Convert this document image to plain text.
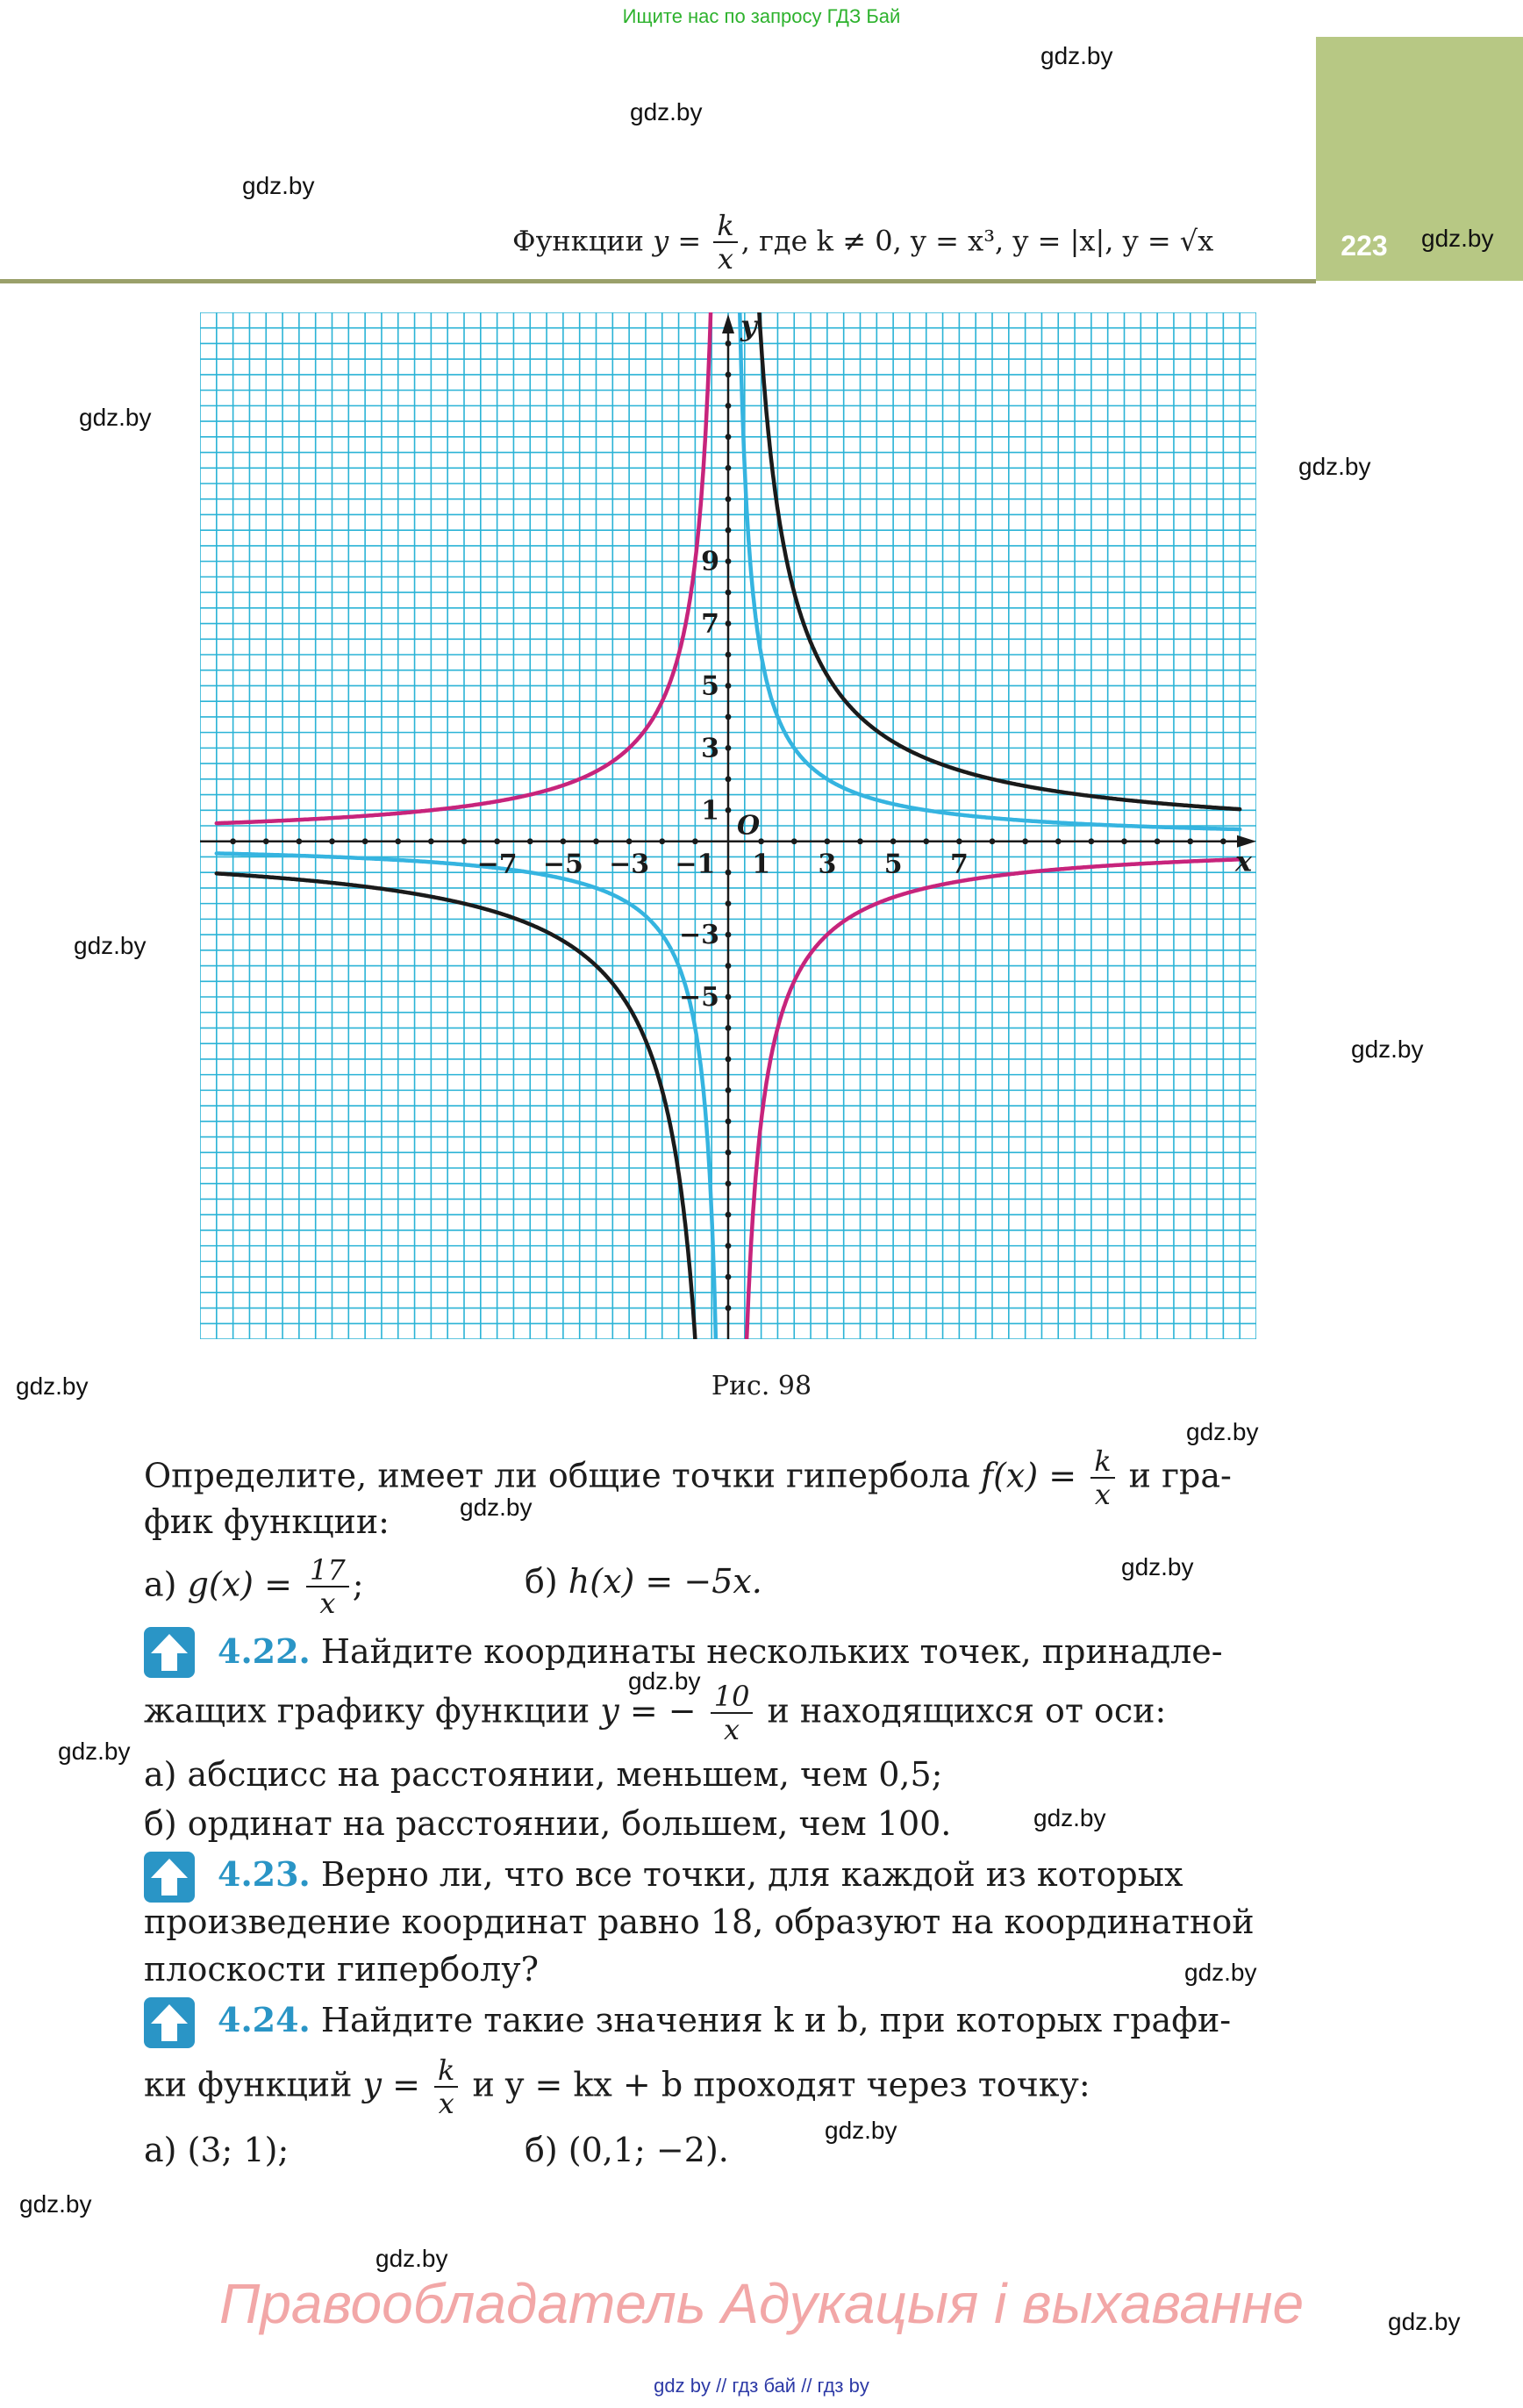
Ищите нас по запросу ГДЗ Бай
223
Функции $y = \frac{k}{x}$ , где k ≠ 0, y = x³, y = |x|, y = √x
gdz.by
gdz.by
gdz.by
gdz.by
gdz.by
gdz.by
gdz.by
gdz.by
gdz.by
gdz.by
gdz.by
gdz.by
gdz.by
gdz.by
gdz.by
gdz.by
gdz.by
gdz.by
gdz.by
gdz.by
−7 −5 −3 −1 1 3 5 7
9
7
5
3
1
−3
−5
O
x
y
Рис. 98
Определите, имеет ли общие точки гипербола $f(x) = \frac{k}{x}$ и гра-
фик функции:
а) $g(x) = \frac{17}{x}$ ;	б) h(x) = −5x.
4.22. Найдите координаты нескольких точек, принадле-
жащих графику функции y = − $\frac{10}{x}$ и находящихся от оси:
а) абсцисс на расстоянии, меньшем, чем 0,5;
б) ординат на расстоянии, большем, чем 100.
4.23. Верно ли, что все точки, для каждой из которых
произведение координат равно 18, образуют на координатной
плоскости гиперболу?
4.24. Найдите такие значения k и b, при которых графи-
ки функций $y = \frac{k}{x}$ и y = kx + b проходят через точку:
а) (3; 1);	б) (0,1; −2).
Правообладатель Адукацыя і выхаванне
gdz by // гдз бай // гдз by
